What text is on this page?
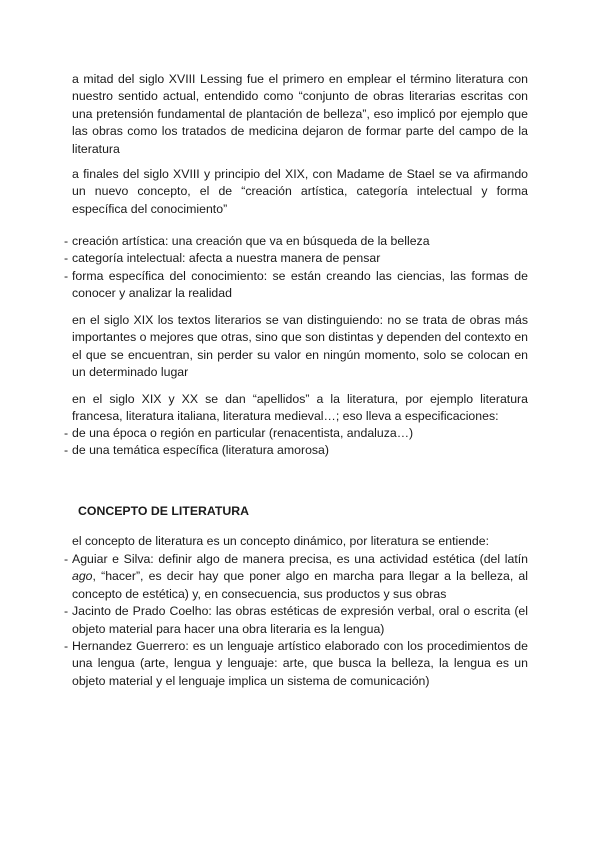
a mitad del siglo XVIII Lessing fue el primero en emplear el término literatura con nuestro sentido actual, entendido como “conjunto de obras literarias escritas con una pretensión fundamental de plantación de belleza”, eso implicó por ejemplo que las obras como los tratados de medicina dejaron de formar parte del campo de la literatura

a finales del siglo XVIII y principio del XIX, con Madame de Stael se va afirmando un nuevo concepto, el de “creación artística, categoría intelectual y forma específica del conocimiento”

- creación artística: una creación que va en búsqueda de la belleza
- categoría intelectual: afecta a nuestra manera de pensar
- forma específica del conocimiento: se están creando las ciencias, las formas de conocer y analizar la realidad

en el siglo XIX los textos literarios se van distinguiendo: no se trata de obras más importantes o mejores que otras, sino que son distintas y dependen del contexto en el que se encuentran, sin perder su valor en ningún momento, solo se colocan en un determinado lugar

en el siglo XIX y XX se dan “apellidos” a la literatura, por ejemplo literatura francesa, literatura italiana, literatura medieval…; eso lleva a especificaciones:

- de una época o región en particular (renacentista, andaluza…)
- de una temática específica (literatura amorosa)
CONCEPTO DE LITERATURA

el concepto de literatura es un concepto dinámico, por literatura se entiende:

- Aguiar e Silva: definir algo de manera precisa, es una actividad estética (del latín ago, “hacer”, es decir hay que poner algo en marcha para llegar a la belleza, al concepto de estética) y, en consecuencia, sus productos y sus obras
- Jacinto de Prado Coelho: las obras estéticas de expresión verbal, oral o escrita (el objeto material para hacer una obra literaria es la lengua)
- Hernandez Guerrero: es un lenguaje artístico elaborado con los procedimientos de una lengua (arte, lengua y lenguaje: arte, que busca la belleza, la lengua es un objeto material y el lenguaje implica un sistema de comunicación)
